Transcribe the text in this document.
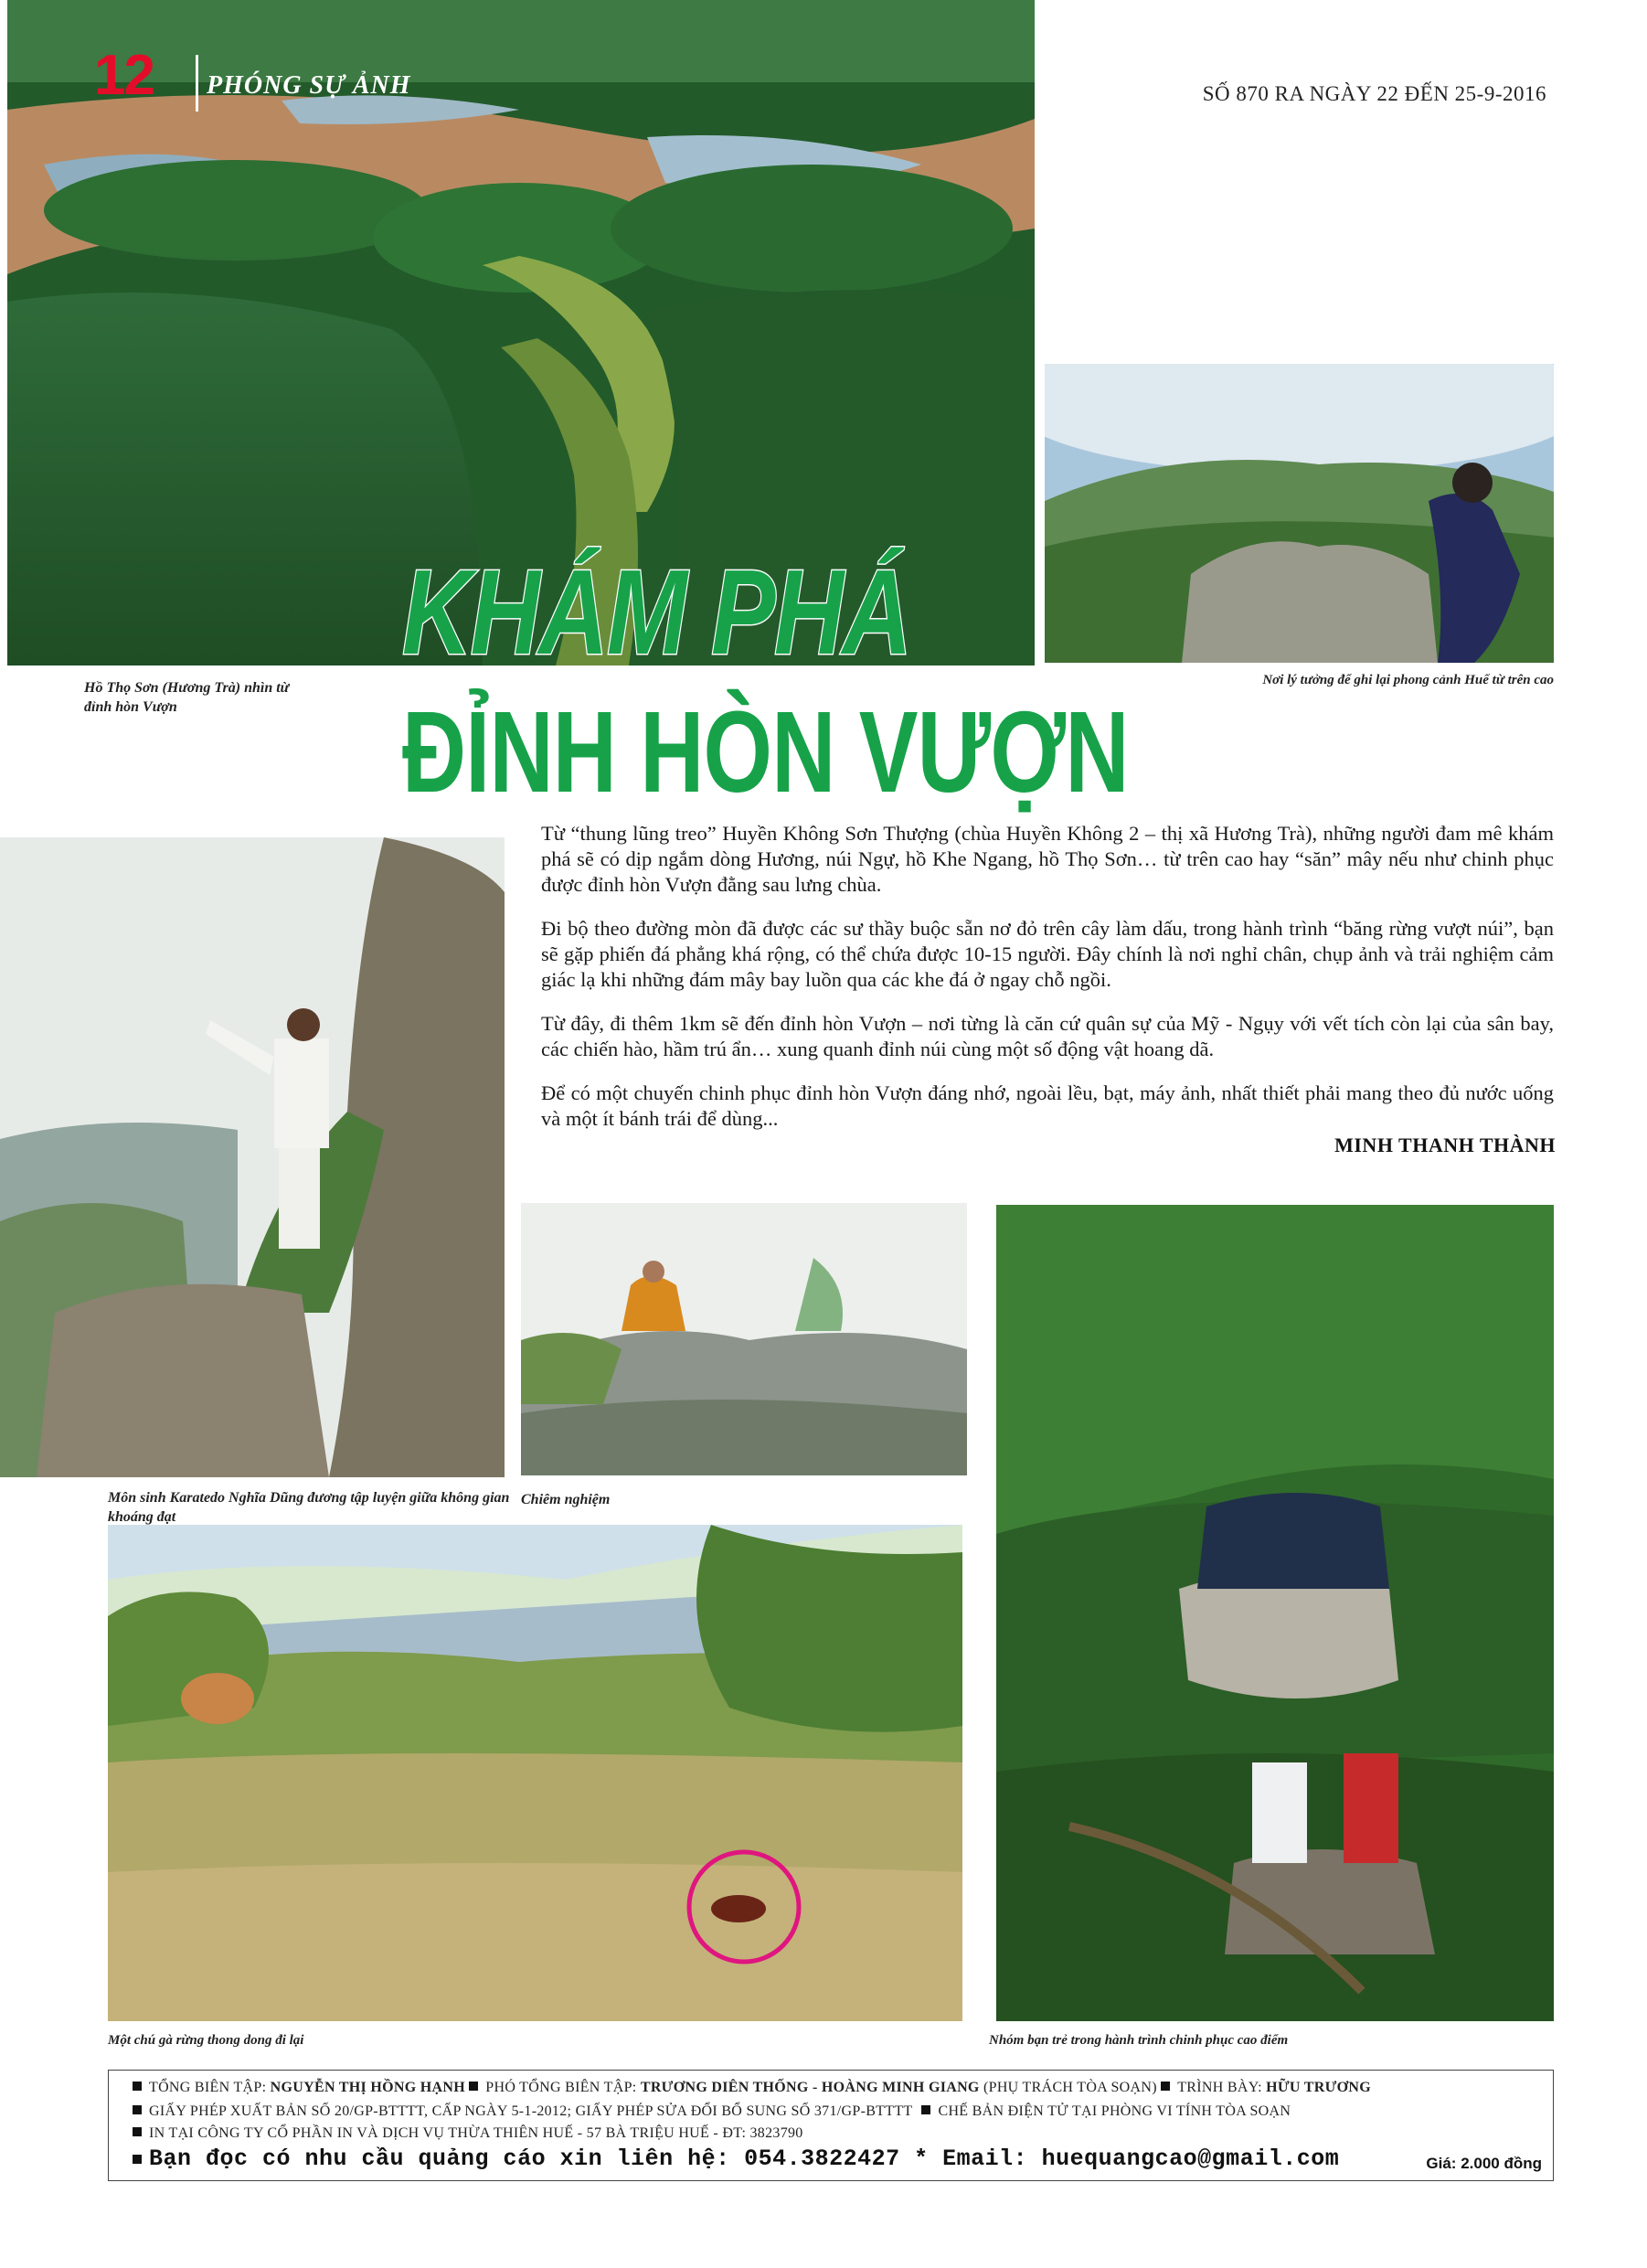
12 PHÓNG SỰ ẢNH	SỐ 870 RA NGÀY 22 ĐẾN 25-9-2016
KHÁM PHÁ
ĐỈNH HÒN VƯỢN
Hồ Thọ Sơn (Hương Trà) nhìn từ đỉnh hòn Vượn
Nơi lý tưởng để ghi lại phong cảnh Huế từ trên cao

Từ “thung lũng treo” Huyền Không Sơn Thượng (chùa Huyền Không 2 – thị xã Hương Trà), những người đam mê khám phá sẽ có dịp ngắm dòng Hương, núi Ngự, hồ Khe Ngang, hồ Thọ Sơn… từ trên cao hay “săn” mây nếu như chinh phục được đỉnh hòn Vượn đằng sau lưng chùa.

Đi bộ theo đường mòn đã được các sư thầy buộc sẵn nơ đỏ trên cây làm dấu, trong hành trình “băng rừng vượt núi”, bạn sẽ gặp phiến đá phẳng khá rộng, có thể chứa được 10-15 người. Đây chính là nơi nghỉ chân, chụp ảnh và trải nghiệm cảm giác lạ khi những đám mây bay luồn qua các khe đá ở ngay chỗ ngồi.

Từ đây, đi thêm 1km sẽ đến đỉnh hòn Vượn – nơi từng là căn cứ quân sự của Mỹ - Ngụy với vết tích còn lại của sân bay, các chiến hào, hầm trú ẩn… xung quanh đỉnh núi cùng một số động vật hoang dã.

Để có một chuyến chinh phục đỉnh hòn Vượn đáng nhớ, ngoài lều, bạt, máy ảnh, nhất thiết phải mang theo đủ nước uống và một ít bánh trái để dùng...

MINH THANH THÀNH
Môn sinh Karatedo Nghĩa Dũng đương tập luyện giữa không gian khoáng đạt
Chiêm nghiệm
Một chú gà rừng thong dong đi lại	Nhóm bạn trẻ trong hành trình chinh phục cao điểm
TỔNG BIÊN TẬP: NGUYỄN THỊ HỒNG HẠNH PHÓ TỔNG BIÊN TẬP: TRƯƠNG DIÊN THỐNG - HOÀNG MINH GIANG (PHỤ TRÁCH TÒA SOẠN) TRÌNH BÀY: HỮU TRƯƠNG
GIẤY PHÉP XUẤT BẢN SỐ 20/GP-BTTTT, CẤP NGÀY 5-1-2012; GIẤY PHÉP SỬA ĐỔI BỔ SUNG SỐ 371/GP-BTTTT CHẾ BẢN ĐIỆN TỬ TẠI PHÒNG VI TÍNH TÒA SOẠN
IN TẠI CÔNG TY CỔ PHẦN IN VÀ DỊCH VỤ THỪA THIÊN HUẾ - 57 BÀ TRIỆU HUẾ - ĐT: 3823790
Bạn đọc có nhu cầu quảng cáo xin liên hệ: 054.3822427 * Email: huequangcao@gmail.com	Giá: 2.000 đồng
